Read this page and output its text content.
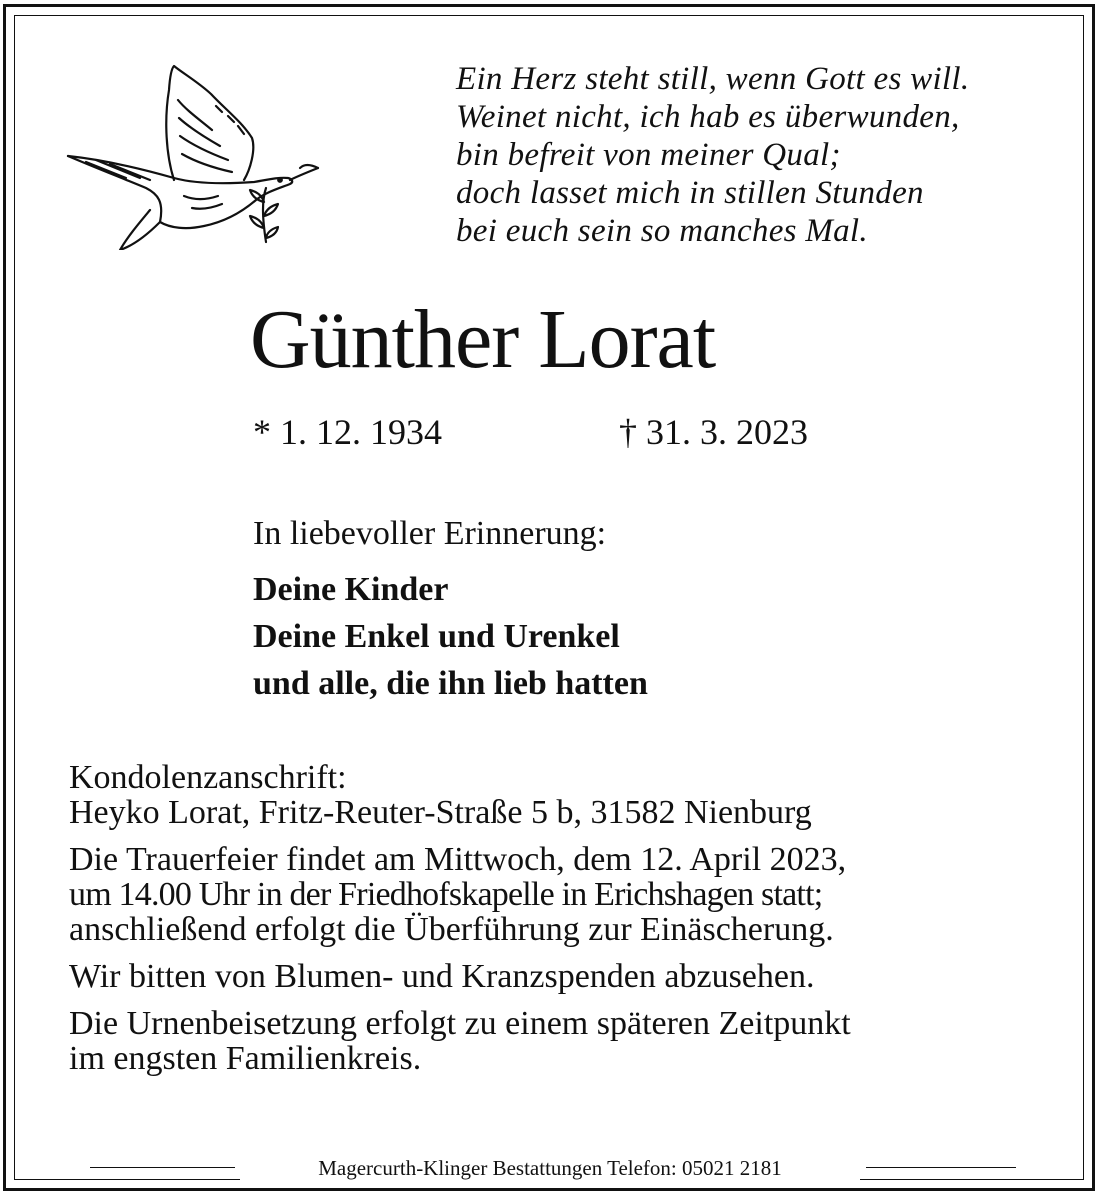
Ein Herz steht still, wenn Gott es will.
Weinet nicht, ich hab es überwunden,
bin befreit von meiner Qual;
doch lasset mich in stillen Stunden
bei euch sein so manches Mal.
Günther Lorat
* 1. 12. 1934	† 31. 3. 2023
In liebevoller Erinnerung:
Deine Kinder
Deine Enkel und Urenkel
und alle, die ihn lieb hatten

Kondolenzanschrift:

Heyko Lorat, Fritz-Reuter-Straße 5 b, 31582 Nienburg

Die Trauerfeier findet am Mittwoch, dem 12. April 2023,

um 14.00 Uhr in der Friedhofskapelle in Erichshagen statt;

anschließend erfolgt die Überführung zur Einäscherung.

Wir bitten von Blumen- und Kranzspenden abzusehen.

Die Urnenbeisetzung erfolgt zu einem späteren Zeitpunkt

im engsten Familienkreis.

Magercurth-Klinger Bestattungen Telefon: 05021 2181
